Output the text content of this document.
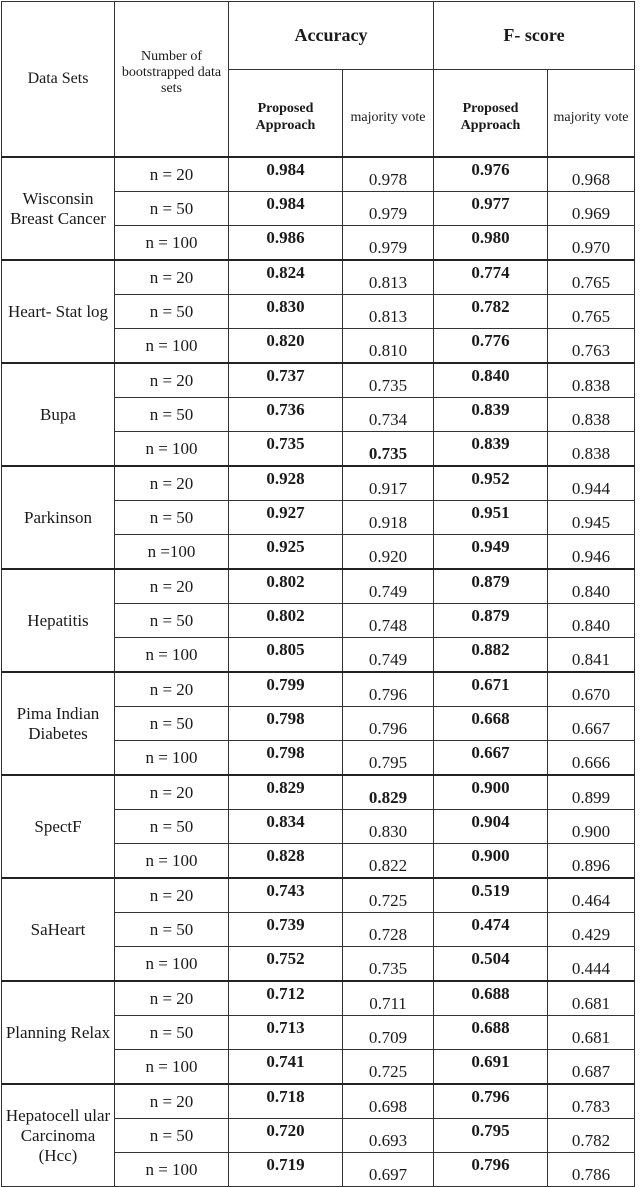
Data Sets	Number of bootstrapped data sets	Accuracy		F- score	
		Proposed Approach	majority vote	Proposed Approach	majority vote
Wisconsin Breast Cancer	n = 20	0.984	0.978	0.976	0.968
	n = 50	0.984	0.979	0.977	0.969
	n = 100	0.986	0.979	0.980	0.970
Heart- Stat log	n = 20	0.824	0.813	0.774	0.765
	n = 50	0.830	0.813	0.782	0.765
	n = 100	0.820	0.810	0.776	0.763
Bupa	n = 20	0.737	0.735	0.840	0.838
	n = 50	0.736	0.734	0.839	0.838
	n = 100	0.735	0.735	0.839	0.838
Parkinson	n = 20	0.928	0.917	0.952	0.944
	n = 50	0.927	0.918	0.951	0.945
	n =100	0.925	0.920	0.949	0.946
Hepatitis	n = 20	0.802	0.749	0.879	0.840
	n = 50	0.802	0.748	0.879	0.840
	n = 100	0.805	0.749	0.882	0.841
Pima Indian Diabetes	n = 20	0.799	0.796	0.671	0.670
	n = 50	0.798	0.796	0.668	0.667
	n = 100	0.798	0.795	0.667	0.666
SpectF	n = 20	0.829	0.829	0.900	0.899
	n = 50	0.834	0.830	0.904	0.900
	n = 100	0.828	0.822	0.900	0.896
SaHeart	n = 20	0.743	0.725	0.519	0.464
	n = 50	0.739	0.728	0.474	0.429
	n = 100	0.752	0.735	0.504	0.444
Planning Relax	n = 20	0.712	0.711	0.688	0.681
	n = 50	0.713	0.709	0.688	0.681
	n = 100	0.741	0.725	0.691	0.687
Hepatocell ular Carcinoma (Hcc)	n = 20	0.718	0.698	0.796	0.783
	n = 50	0.720	0.693	0.795	0.782
	n = 100	0.719	0.697	0.796	0.786
